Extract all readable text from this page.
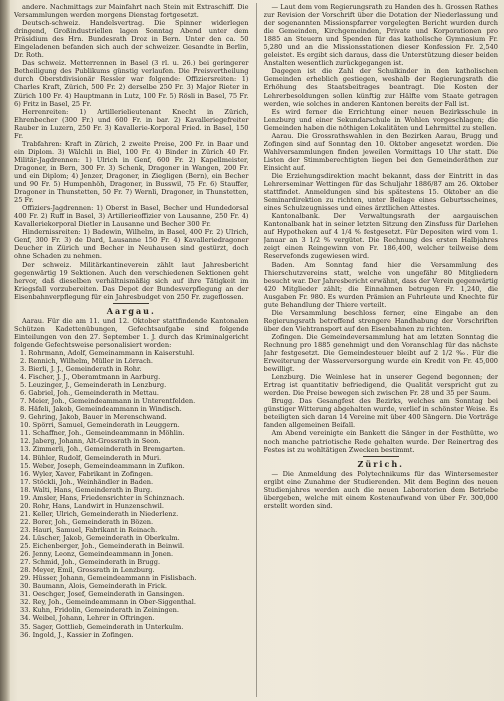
andere. Nachmittags zur Mainfahrt nach Stein mit Extraschiff. Die Versammlungen werden morgens Dienstag fortgesetzt.

Deutsch-schweiz. Handelsvertrag. Die Spinner widerlegen dringend, Großindustriellen lagen Sonntag Abend unter dem Präsidium des Hrn. Bundesrath Droz in Bern. Unter den ca. 50 Eingeladenen befanden sich auch der schweizer. Gesandte in Berlin, Dr. Roth.

Das schweiz. Metterrennen in Basel (3 rl. u. 26.) bei geringerer Betheiligung des Publikums günstig verlaufen. Die Preisvertheilung durch Oberstdivisionär Ressler war folgende: Offiziersreiten: 1) Charles Kraft, Zürich, 500 Fr. 2) derselbe 250 Fr. 3) Major Rieter in Zürich 100 Fr. 4) Hauptmann in Lutz, 100 Fr. 5) Rösli in Basel, 75 Fr. 6) Fritz in Basel, 25 Fr.

Herrenreiten: 1) Artillerielieutenant Knecht in Zürich, Ehrenbecher (300 Fr.) und 600 Fr. in bar. 2) Kavalleriegefreiter Rauber in Luzern, 250 Fr. 3) Kavallerie-Korporal Fried. in Basel, 150 Fr.

Trabfahren: Kraft in Zürich, 2 zweite Preise, 200 Fr. in Baar und ein Diplom. 3) Wälchli in Biel, 100 Fr. 4) Binder in Zürich 40 Fr. Militär-Jagdrennen: 1) Ulrich in Genf, 600 Fr. 2) Kapellmeister, Dragoner, in Bern, 300 Fr. 3) Schenk, Dragoner in Wangen, 200 Fr. und ein Diplom; 4) Jenzer, Dragoner, in Ziegligen (Bern), ein Becher und 90 Fr. 5) Humpenhöh, Dragoner, in Busswil, 75 Fr. 6) Stauffer, Dragoner in Thunstetten, 50 Fr. 7) Wernli, Dragoner, in Thunstetten, 25 Fr.

Offiziers-Jagdrennen: 1) Oberst in Basel, Becher und Hundedorsal 400 Fr. 2) Ruff in Basel, 3) Artillerieoffizier von Lausanne, 250 Fr. 4) Kavalleriekorporal Dietler in Lausanne und Becher 300 Fr.

Hindernissreiten: 1) Badewin, Wilhelm, in Basel, 400 Fr. 2) Ulrich, Genf, 300 Fr. 3) de Dard, Lausanne 150 Fr. 4) Kavalleriedragoner Deucher in Zürich und Becher in Neuhausen sind gestürzt, doch ohne Schaden zu nehmen.

Der schweiz. Militärkantineverein zählt laut Jahresbericht gegenwärtig 19 Sektionen. Auch den verschiedenen Sektionen geht hervor, daß dieselben verhältnismäßig sich auf ihre Tätigkeit im Kriegsfall vorzubereiten. Das Depot der Bundesverpflegung an der Eisenbahnverpflegung für ein Jahresbudget von 250 Fr. zugeflossen.

Aargau.

Aarau. Für die am 11. und 12. Oktober stattfindende Kantonalen Schützen Kadettenübungen, Gefechtsaufgabe sind folgende Einteilungen von den 27. September 1. J. durch das Kriminalgericht folgende Gefechtsweise personalisiert worden:

1. Rohrmann, Adolf, Gemeinammann in Kaiserstuhl.

2. Rennich, Wilhelm, Müller in Lörrach.

3. Bierli, J. J., Gemeinderath in Rohr.

4. Fischer, J. J., Oberamtmann in Aarburg.

5. Leuzinger, J., Gemeinderath in Lenzburg.

6. Gabriel, Joh., Gemeinderath in Mettau.

7. Meier, Joh., Gemeindeammann in Unterentfelden.

8. Häfeli, Jakob, Gemeindeammann in Windisch.

9. Gehring, Jakob, Bauer in Merenschwand.

10. Spörri, Samuel, Gemeinderath in Leuggern.

11. Schaffner, Joh., Gemeindeammann in Möhlin.

12. Jaberg, Johann, Alt-Grossrath in Seon.

13. Zimmerli, Joh., Gemeinderath in Bremgarten.

14. Bühler, Rudolf, Gemeinderath in Muri.

15. Weber, Joseph, Gemeindeammann in Zufikon.

16. Wyler, Xaver, Fabrikant in Zofingen.

17. Stöckli, Joh., Weinhändler in Baden.

18. Walti, Hans, Gemeinderath in Burg.

19. Amsler, Hans, Friedensrichter in Schinznach.

20. Rohr, Hans, Landwirt in Hunzenschwil.

21. Keller, Ulrich, Gemeinderath in Niederlenz.

22. Borer, Joh., Gemeinderath in Bözen.

23. Hauri, Samuel, Fabrikant in Reinach.

24. Lüscher, Jakob, Gemeinderath in Oberkulm.

25. Eichenberger, Joh., Gemeinderath in Beinwil.

26. Jenny, Leonz, Gemeindeammann in Jonen.

27. Schmid, Joh., Gemeinderath in Brugg.

28. Meyer, Emil, Grossrath in Lenzburg.

29. Hüsser, Johann, Gemeindeammann in Fislisbach.

30. Baumann, Alois, Gemeinderath in Frick.

31. Oeschger, Josef, Gemeinderath in Gansingen.

32. Rey, Joh., Gemeindeammann in Ober-Siggenthal.

33. Kuhn, Fridolin, Gemeinderath in Zeiningen.

34. Weibel, Johann, Lehrer in Oftringen.

35. Sager, Gottlieb, Gemeinderath in Unterkulm.

36. Ingold, J., Kassier in Zofingen.

— Laut dem vom Regierungsrath zu Handen des h. Grossen Rathes zur Revision der Vorschrift über die Dotation der Niederlassung und der sogenannten Missionspfarrer vorgelegten Bericht wurden durch die Gemeinden, Kirchgemeinden, Private und Korporationen pro 1885 an Steuern und Spenden für das katholische Gymnasium Fr. 5,280 und an die Missionsstationen dieser Konfession Fr. 2,540 geleistet. Es ergibt sich daraus, dass die Unterstützung dieser beiden Anstalten wesentlich zurückgegangen ist.

Dagegen ist die Zahl der Schulkinder in den katholischen Gemeinden erheblich gestiegen, weshalb der Regierungsrath die Erhöhung des Staatsbeitrages beantragt. Die Kosten der Lehrerbesoldungen sollen künftig zur Hälfte vom Staate getragen werden, wie solches in anderen Kantonen bereits der Fall ist.

Es wird ferner die Errichtung einer neuen Bezirksschule in Lenzburg und einer Sekundarschule in Wohlen vorgeschlagen; die Gemeinden haben die nöthigen Lokalitäten und Lehrmittel zu stellen.

Aarau. Die Grossrathswahlen in den Bezirken Aarau, Brugg und Zofingen sind auf Sonntag den 10. Oktober angesetzt worden. Die Wahlversammlungen finden jeweilen Vormittags 10 Uhr statt. Die Listen der Stimmberechtigten liegen bei den Gemeinderäthen zur Einsicht auf.

Die Erziehungsdirektion macht bekannt, dass der Eintritt in das Lehrerseminar Wettingen für das Schuljahr 1886/87 am 26. Oktober stattfindet. Anmeldungen sind bis spätestens 15. Oktober an die Seminardirektion zu richten, unter Beilage eines Geburtsscheines, eines Schulzeugnisses und eines ärztlichen Attestes.

Kantonalbank. Der Verwaltungsrath der aargauischen Kantonalbank hat in seiner letzten Sitzung den Zinsfuss für Darlehen auf Hypotheken auf 4 1/4 % festgesetzt. Für Depositen wird vom 1. Januar an 3 1/2 % vergütet. Die Rechnung des ersten Halbjahres zeigt einen Reingewinn von Fr. 186,400, welcher teilweise dem Reservefonds zugewiesen wird.

Baden. Am Sonntag fand hier die Versammlung des Thierschutzvereins statt, welche von ungefähr 80 Mitgliedern besucht war. Der Jahresbericht erwähnt, dass der Verein gegenwärtig 420 Mitglieder zählt; die Einnahmen betrugen Fr. 1,240, die Ausgaben Fr. 980. Es wurden Prämien an Fuhrleute und Knechte für gute Behandlung der Thiere verteilt.

Die Versammlung beschloss ferner, eine Eingabe an den Regierungsrath betreffend strengere Handhabung der Vorschriften über den Viehtransport auf den Eisenbahnen zu richten.

Zofingen. Die Gemeindeversammlung hat am letzten Sonntag die Rechnung pro 1885 genehmigt und den Voranschlag für das nächste Jahr festgesetzt. Die Gemeindesteuer bleibt auf 2 1/2 ‰. Für die Erweiterung der Wasserversorgung wurde ein Kredit von Fr. 45,000 bewilligt.

Lenzburg. Die Weinlese hat in unserer Gegend begonnen; der Ertrag ist quantitativ befriedigend, die Qualität verspricht gut zu werden. Die Preise bewegen sich zwischen Fr. 28 und 35 per Saum.

Brugg. Das Gesangfest des Bezirks, welches am Sonntag bei günstiger Witterung abgehalten wurde, verlief in schönster Weise. Es beteiligten sich daran 14 Vereine mit über 400 Sängern. Die Vorträge fanden allgemeinen Beifall.

Am Abend vereinigte ein Bankett die Sänger in der Festhütte, wo noch manche patriotische Rede gehalten wurde. Der Reinertrag des Festes ist zu wohltätigen Zwecken bestimmt.

Zürich.

— Die Anmeldung des Polytechnikums für das Wintersemester ergibt eine Zunahme der Studierenden. Mit dem Beginn des neuen Studienjahres werden auch die neuen Laboratorien dem Betriebe übergeben, welche mit einem Kostenaufwand von über Fr. 300,000 erstellt worden sind.
